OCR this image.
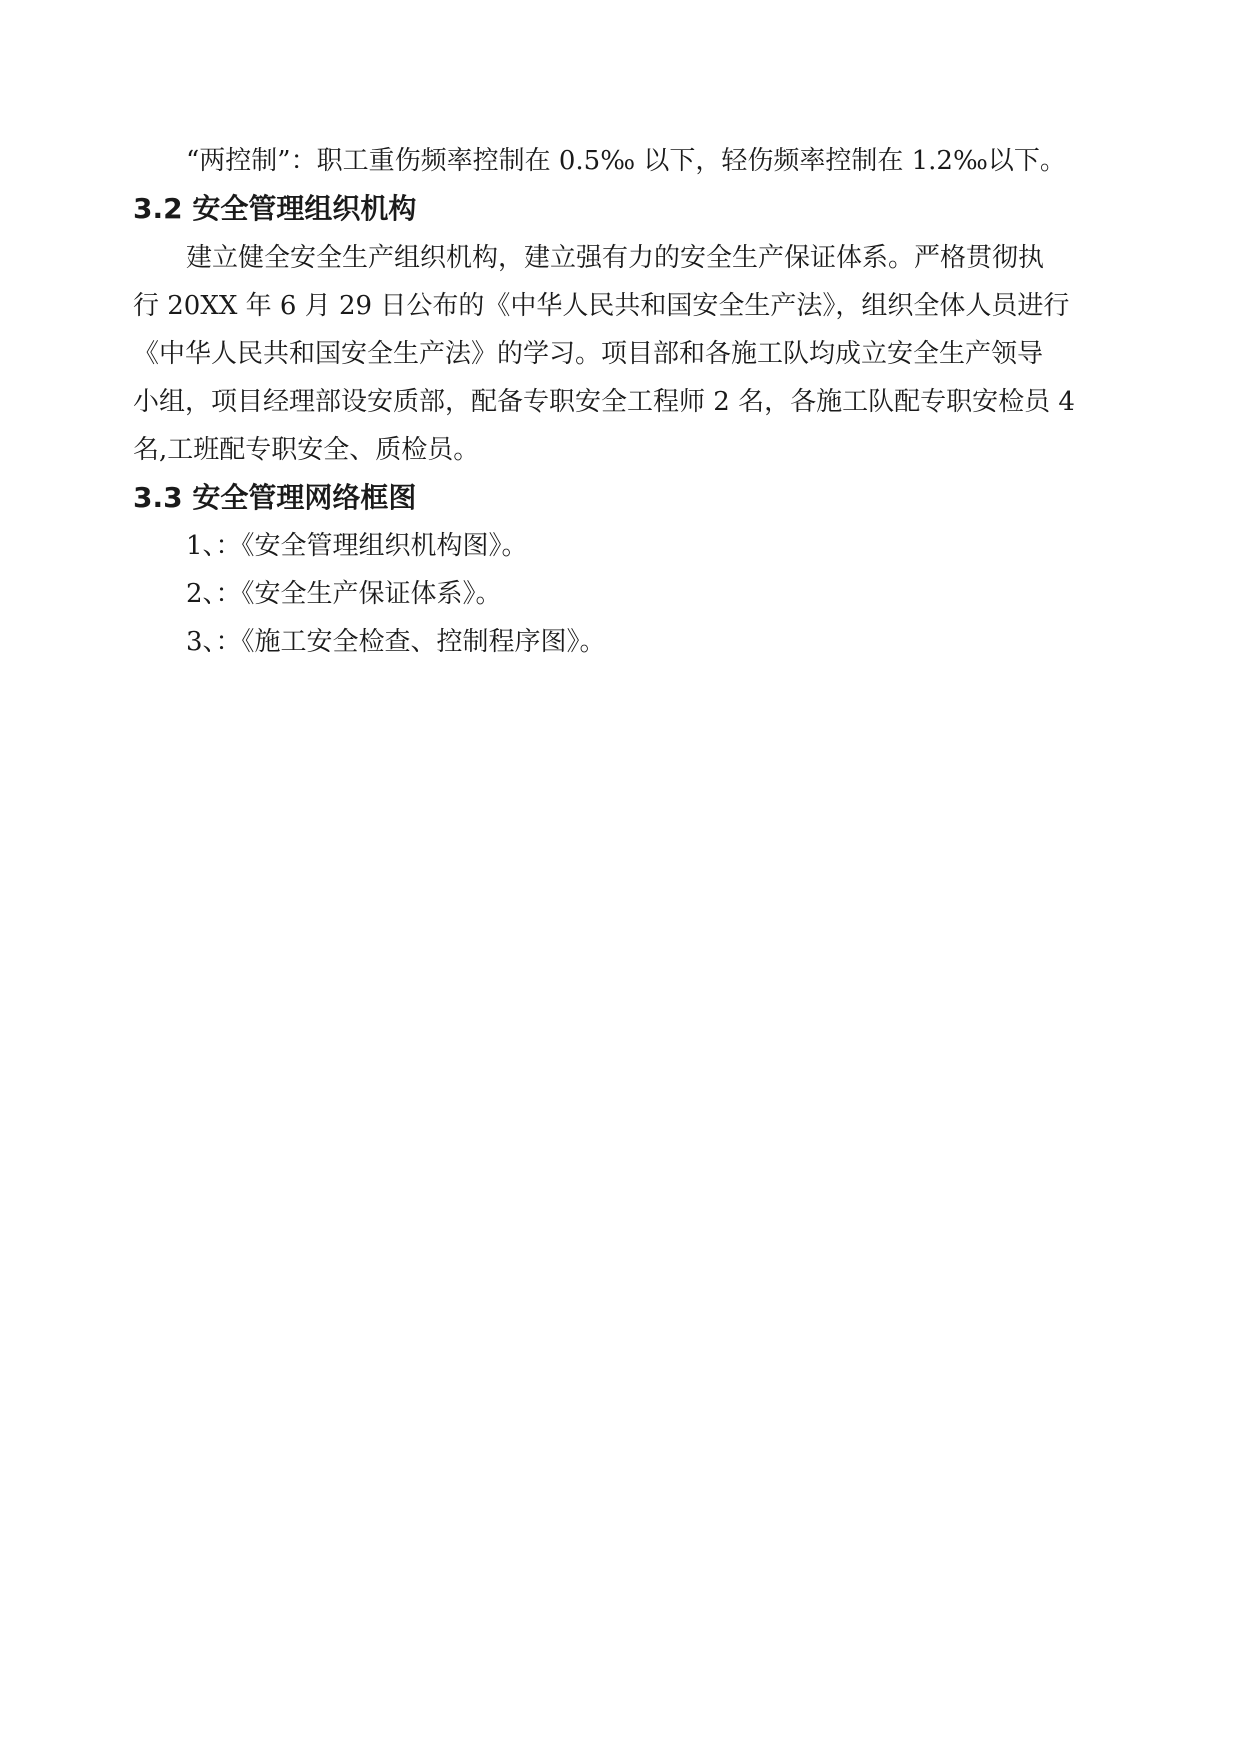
“两控制”：职工重伤频率控制在 0.5‰ 以下，轻伤频率控制在 1.2‰以下。
3.2 安全管理组织机构
建立健全安全生产组织机构，建立强有力的安全生产保证体系。严格贯彻执
行 20XX 年 6 月 29 日公布的《中华人民共和国安全生产法》，组织全体人员进行
《中华人民共和国安全生产法》的学习。项目部和各施工队均成立安全生产领导
小组，项目经理部设安质部，配备专职安全工程师 2 名，各施工队配专职安检员 4
名,工班配专职安全、质检员。
3.3 安全管理网络框图
1、：《安全管理组织机构图》。
2、：《安全生产保证体系》。
3、：《施工安全检查、控制程序图》。
